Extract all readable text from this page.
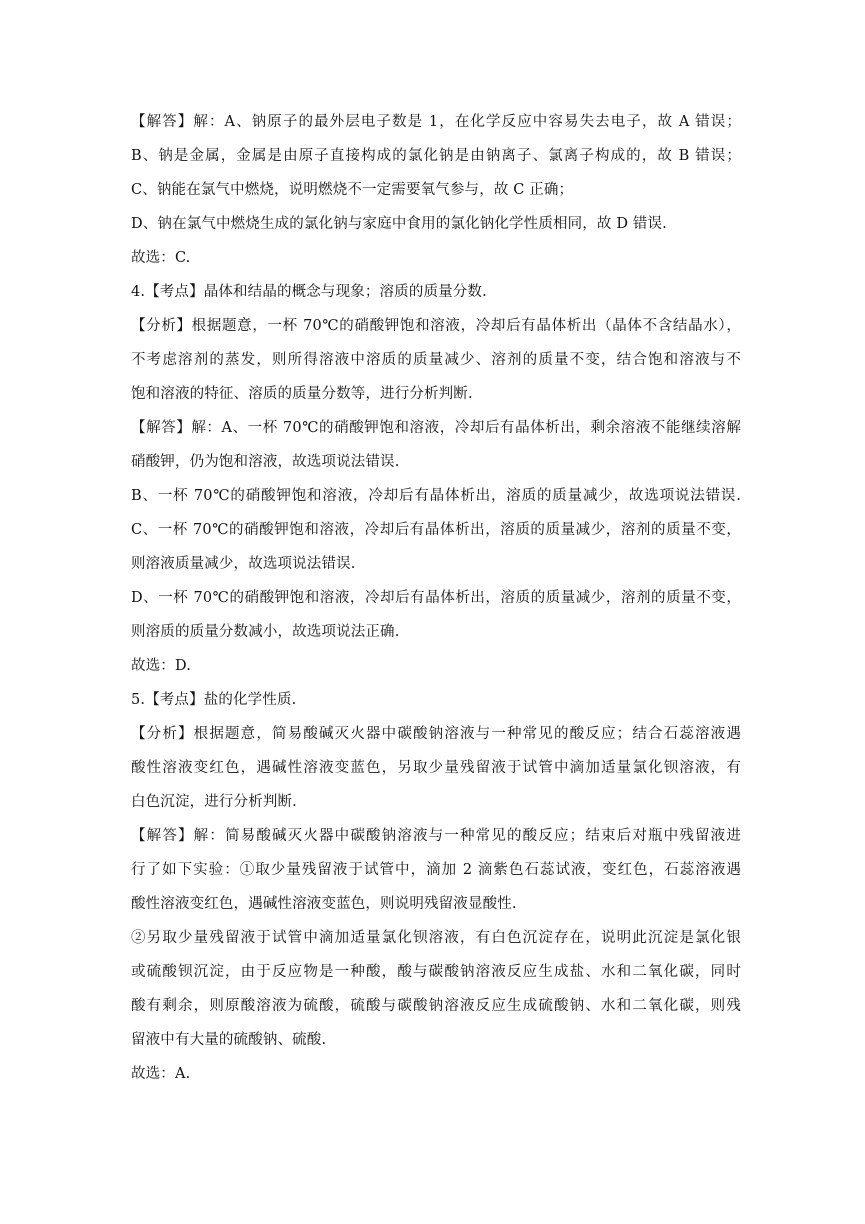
【解答】解：A、钠原子的最外层电子数是 1，在化学反应中容易失去电子，故 A 错误；
B、钠是金属，金属是由原子直接构成的氯化钠是由钠离子、氯离子构成的，故 B 错误；
C、钠能在氯气中燃烧，说明燃烧不一定需要氧气参与，故 C 正确；
D、钠在氯气中燃烧生成的氯化钠与家庭中食用的氯化钠化学性质相同，故 D 错误.
故选：C.
4.【考点】晶体和结晶的概念与现象；溶质的质量分数.
【分析】根据题意，一杯 70℃的硝酸钾饱和溶液，冷却后有晶体析出（晶体不含结晶水），
不考虑溶剂的蒸发，则所得溶液中溶质的质量减少、溶剂的质量不变，结合饱和溶液与不
饱和溶液的特征、溶质的质量分数等，进行分析判断.
【解答】解：A、一杯 70℃的硝酸钾饱和溶液，冷却后有晶体析出，剩余溶液不能继续溶解
硝酸钾，仍为饱和溶液，故选项说法错误.
B、一杯 70℃的硝酸钾饱和溶液，冷却后有晶体析出，溶质的质量减少，故选项说法错误.
C、一杯 70℃的硝酸钾饱和溶液，冷却后有晶体析出，溶质的质量减少，溶剂的质量不变，
则溶液质量减少，故选项说法错误.
D、一杯 70℃的硝酸钾饱和溶液，冷却后有晶体析出，溶质的质量减少，溶剂的质量不变，
则溶质的质量分数减小，故选项说法正确.
故选：D.
5.【考点】盐的化学性质.
【分析】根据题意，简易酸碱灭火器中碳酸钠溶液与一种常见的酸反应；结合石蕊溶液遇
酸性溶液变红色，遇碱性溶液变蓝色，另取少量残留液于试管中滴加适量氯化钡溶液，有
白色沉淀，进行分析判断.
【解答】解：简易酸碱灭火器中碳酸钠溶液与一种常见的酸反应；结束后对瓶中残留液进
行了如下实验：①取少量残留液于试管中，滴加 2 滴紫色石蕊试液，变红色，石蕊溶液遇
酸性溶液变红色，遇碱性溶液变蓝色，则说明残留液显酸性.
②另取少量残留液于试管中滴加适量氯化钡溶液，有白色沉淀存在，说明此沉淀是氯化银
或硫酸钡沉淀，由于反应物是一种酸，酸与碳酸钠溶液反应生成盐、水和二氧化碳，同时
酸有剩余，则原酸溶液为硫酸，硫酸与碳酸钠溶液反应生成硫酸钠、水和二氧化碳，则残
留液中有大量的硫酸钠、硫酸.
故选：A.
